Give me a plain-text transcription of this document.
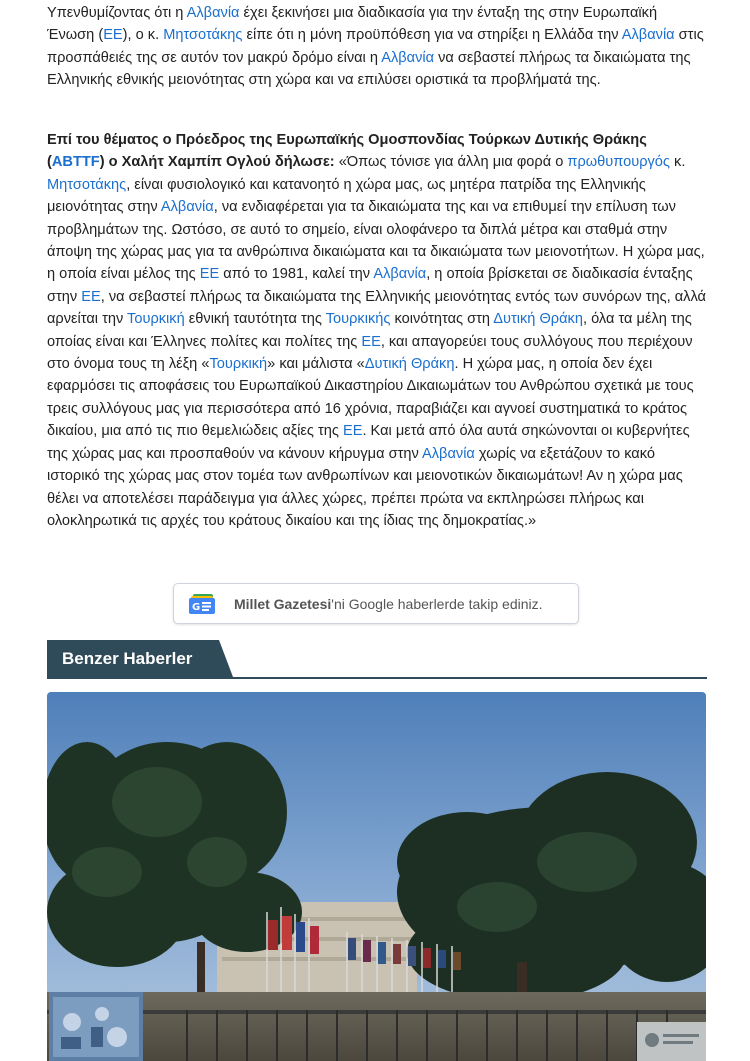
Υπενθυμίζοντας ότι η Αλβανία έχει ξεκινήσει μια διαδικασία για την ένταξη της στην Ευρωπαϊκή Ένωση (ΕΕ), ο κ. Μητσοτάκης είπε ότι η μόνη προϋπόθεση για να στηρίξει η Ελλάδα την Αλβανία στις προσπάθειές της σε αυτόν τον μακρύ δρόμο είναι η Αλβανία να σεβαστεί πλήρως τα δικαιώματα της Ελληνικής εθνικής μειονότητας στη χώρα και να επιλύσει οριστικά τα προβλήματά της.

Επί του θέματος ο Πρόεδρος της Ευρωπαϊκής Ομοσπονδίας Τούρκων Δυτικής Θράκης (ABTTF) ο Χαλήτ Χαμπίπ Ογλού δήλωσε: «Όπως τόνισε για άλλη μια φορά ο πρωθυπουργός κ. Μητσοτάκης, είναι φυσιολογικό και κατανοητό η χώρα μας, ως μητέρα πατρίδα της Ελληνικής μειονότητας στην Αλβανία, να ενδιαφέρεται για τα δικαιώματα της και να επιθυμεί την επίλυση των προβλημάτων της. Ωστόσο, σε αυτό το σημείο, είναι ολοφάνερο τα διπλά μέτρα και σταθμά στην άποψη της χώρας μας για τα ανθρώπινα δικαιώματα και τα δικαιώματα των μειονοτήτων. Η χώρα μας, η οποία είναι μέλος της ΕΕ από το 1981, καλεί την Αλβανία, η οποία βρίσκεται σε διαδικασία ένταξης στην ΕΕ, να σεβαστεί πλήρως τα δικαιώματα της Ελληνικής μειονότητας εντός των συνόρων της, αλλά αρνείται την Τουρκική εθνική ταυτότητα της Τουρκικής κοινότητας στη Δυτική Θράκη, όλα τα μέλη της οποίας είναι και Έλληνες πολίτες και πολίτες της ΕΕ, και απαγορεύει τους συλλόγους που περιέχουν στο όνομα τους τη λέξη «Τουρκική» και μάλιστα «Δυτική Θράκη. Η χώρα μας, η οποία δεν έχει εφαρμόσει τις αποφάσεις του Ευρωπαϊκού Δικαστηρίου Δικαιωμάτων του Ανθρώπου σχετικά με τους τρεις συλλόγους μας για περισσότερα από 16 χρόνια, παραβιάζει και αγνοεί συστηματικά το κράτος δικαίου, μια από τις πιο θεμελιώδεις αξίες της ΕΕ. Και μετά από όλα αυτά σηκώνονται οι κυβερνήτες της χώρας μας και προσπαθούν να κάνουν κήρυγμα στην Αλβανία χωρίς να εξετάζουν το κακό ιστορικό της χώρας μας στον τομέα των ανθρωπίνων και μειονοτικών δικαιωμάτων! Αν η χώρα μας θέλει να αποτελέσει παράδειγμα για άλλες χώρες, πρέπει πρώτα να εκπληρώσει πλήρως και ολοκληρωτικά τις αρχές του κράτους δικαίου και της ίδιας της δημοκρατίας.»

G Millet Gazetesi'ni Google haberlerde takip ediniz.
Benzer Haberler
